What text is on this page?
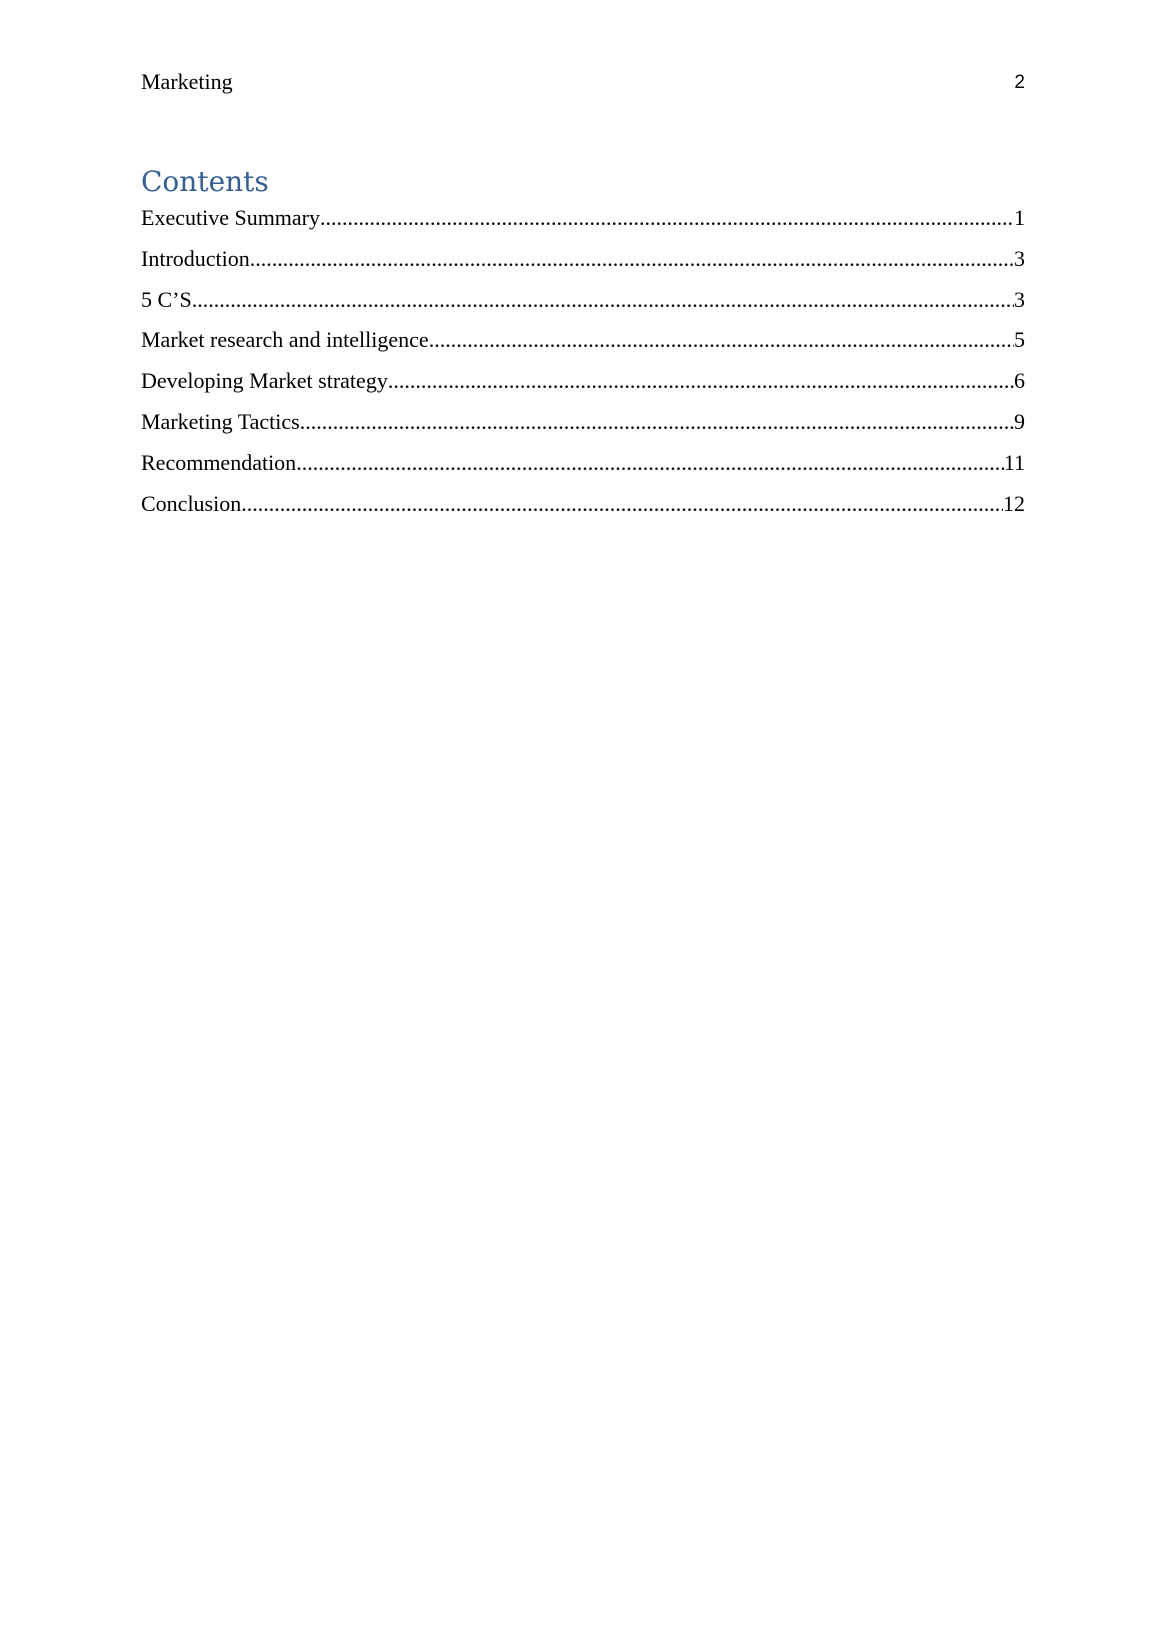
Marketing	2
Contents
Executive Summary .....	1
Introduction .....	3
5 C’S .....	3
Market research and intelligence .....	5
Developing Market strategy .....	6
Marketing Tactics .....	9
Recommendation .....	11
Conclusion .....	12
